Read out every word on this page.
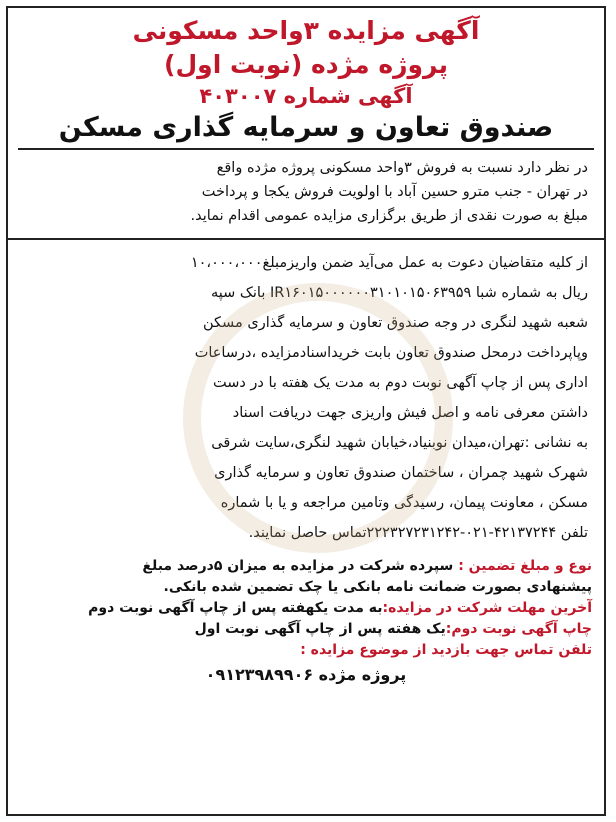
آگهی مزایده ۳واحد مسکونی
پروژه مژده (نوبت اول)
آگهی شماره ۴۰۳۰۰۷
صندوق تعاون و سرمایه گذاری مسکن
در نظر دارد نسبت به فروش ۳واحد مسکونی پروژه مژده واقع
در تهران - جنب مترو حسین آباد با اولویت فروش یکجا و پرداخت
مبلغ به صورت نقدی از طریق برگزاری مزایده عمومی اقدام نماید.
از کلیه متقاضیان دعوت به عمل می‌آید ضمن واریزمبلغ۱۰،۰۰۰،۰۰۰
ریال به شماره شبا IR۱۶۰۱۵۰۰۰۰۰۰۳۱۰۱۰۱۵۰۶۳۹۵۹ بانک سپه
شعبه شهید لنگری در وجه صندوق تعاون و سرمایه گذاری مسکن
وپاپرداخت درمحل صندوق تعاون بابت خریداسنادمزایده ،درساعات
اداری پس از چاپ آگهی نوبت دوم به مدت یک هفته با در دست
داشتن معرفی نامه و اصل فیش واریزی جهت دریافت اسناد
به نشانی :تهران،میدان نوبنیاد،خیابان شهید لنگری،سایت شرقی
شهرک شهید چمران ، ساختمان صندوق تعاون و سرمایه گذاری
مسکن ، معاونت پیمان، رسیدگی وتامین مراجعه و یا با شماره
تلفن ۴۲۱۳۷۲۴۴-۰۲۱-۲۲۲۳۲۷۲۳۱۲۴۲تماس حاصل نمایند.
نوع و مبلغ تضمین : سپرده شرکت در مزایده به میزان ۵درصد مبلغ
پیشنهادی بصورت ضمانت نامه بانکی یا چک تضمین شده بانکی.
آخرین مهلت شرکت در مزایده:به مدت یکهفته پس از چاپ آگهی نوبت دوم
چاپ آگهی نوبت دوم:یک هفته پس از چاپ آگهی نوبت اول
تلفن تماس جهت بازدید از موضوع مزایده :
پروژه مژده ۰۹۱۲۳۹۸۹۹۰۶
